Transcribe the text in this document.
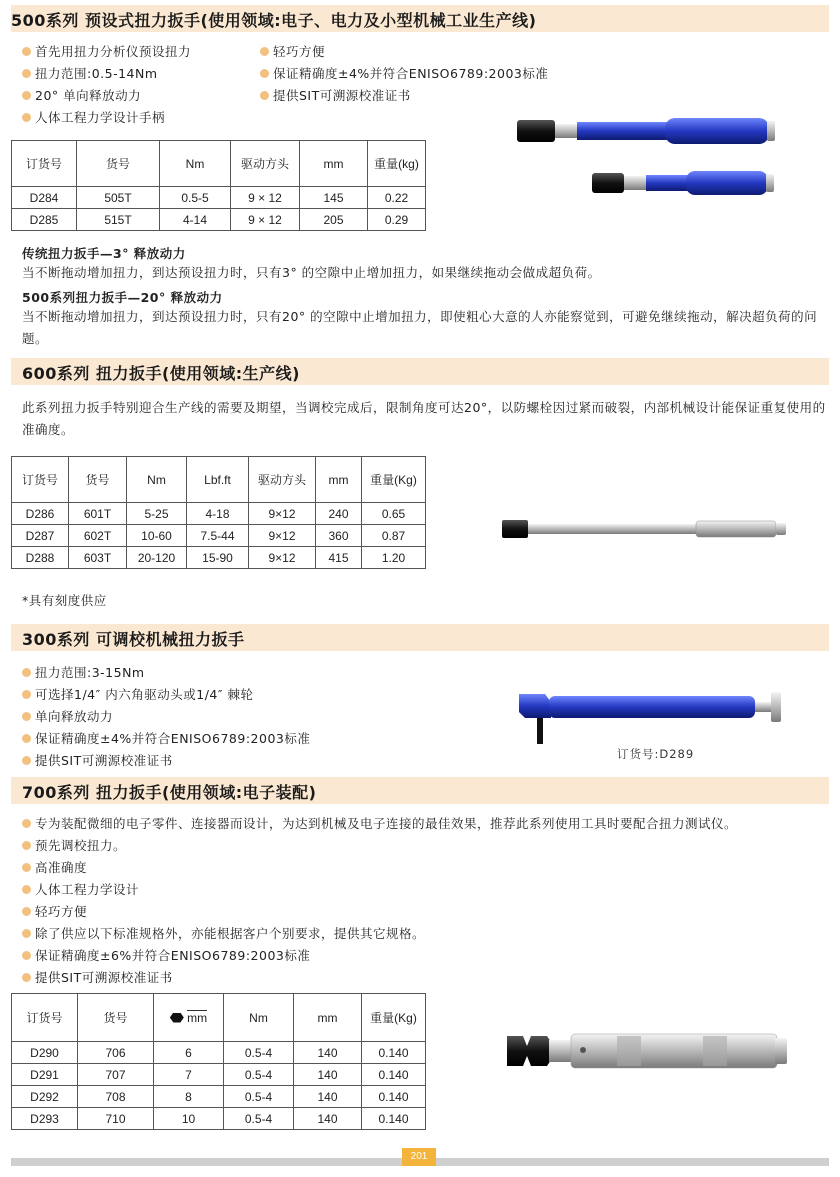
500系列 预设式扭力扳手(使用领域:电子、电力及小型机械工业生产线)
首先用扭力分析仪预设扭力
扭力范围:0.5-14Nm
20° 单向释放动力
人体工程力学设计手柄
轻巧方便
保证精确度±4%并符合ENISO6789:2003标准
提供SIT可溯源校准证书
订货号	货号	Nm	驱动方头	mm	重量(kg)
D284	505T	0.5-5	9 × 12	145	0.22
D285	515T	4-14	9 × 12	205	0.29
传统扭力扳手—3° 释放动力
当不断拖动增加扭力，到达预设扭力时，只有3° 的空隙中止增加扭力，如果继续拖动会做成超负荷。
500系列扭力扳手—20° 释放动力
当不断拖动增加扭力，到达预设扭力时，只有20° 的空隙中止增加扭力，即使粗心大意的人亦能察觉到，可避免继续拖动，解决超负荷的问题。
600系列 扭力扳手(使用领域:生产线)
此系列扭力扳手特别迎合生产线的需要及期望，当调校完成后，限制角度可达20°，以防螺栓因过紧而破裂，内部机械设计能保证重复使用的准确度。
订货号	货号	Nm	Lbf.ft	驱动方头	mm	重量(Kg)
D286	601T	5-25	4-18	9×12	240	0.65
D287	602T	10-60	7.5-44	9×12	360	0.87
D288	603T	20-120	15-90	9×12	415	1.20
*具有刻度供应
300系列 可调校机械扭力扳手
扭力范围:3-15Nm
可选择1/4″ 内六角驱动头或1/4″ 棘轮
单向释放动力
保证精确度±4%并符合ENISO6789:2003标准
提供SIT可溯源校准证书	订货号:D289
700系列 扭力扳手(使用领域:电子装配)
专为装配微细的电子零件、连接器而设计，为达到机械及电子连接的最佳效果，推荐此系列使用工具时要配合扭力测试仪。
预先调校扭力。
高准确度
人体工程力学设计
轻巧方便
除了供应以下标准规格外，亦能根据客户个别要求，提供其它规格。
保证精确度±6%并符合ENISO6789:2003标准
提供SIT可溯源校准证书
订货号	货号	mm	Nm	mm	重量(Kg)
D290	706	6	0.5-4	140	0.140
D291	707	7	0.5-4	140	0.140
D292	708	8	0.5-4	140	0.140
D293	710	10	0.5-4	140	0.140
201
